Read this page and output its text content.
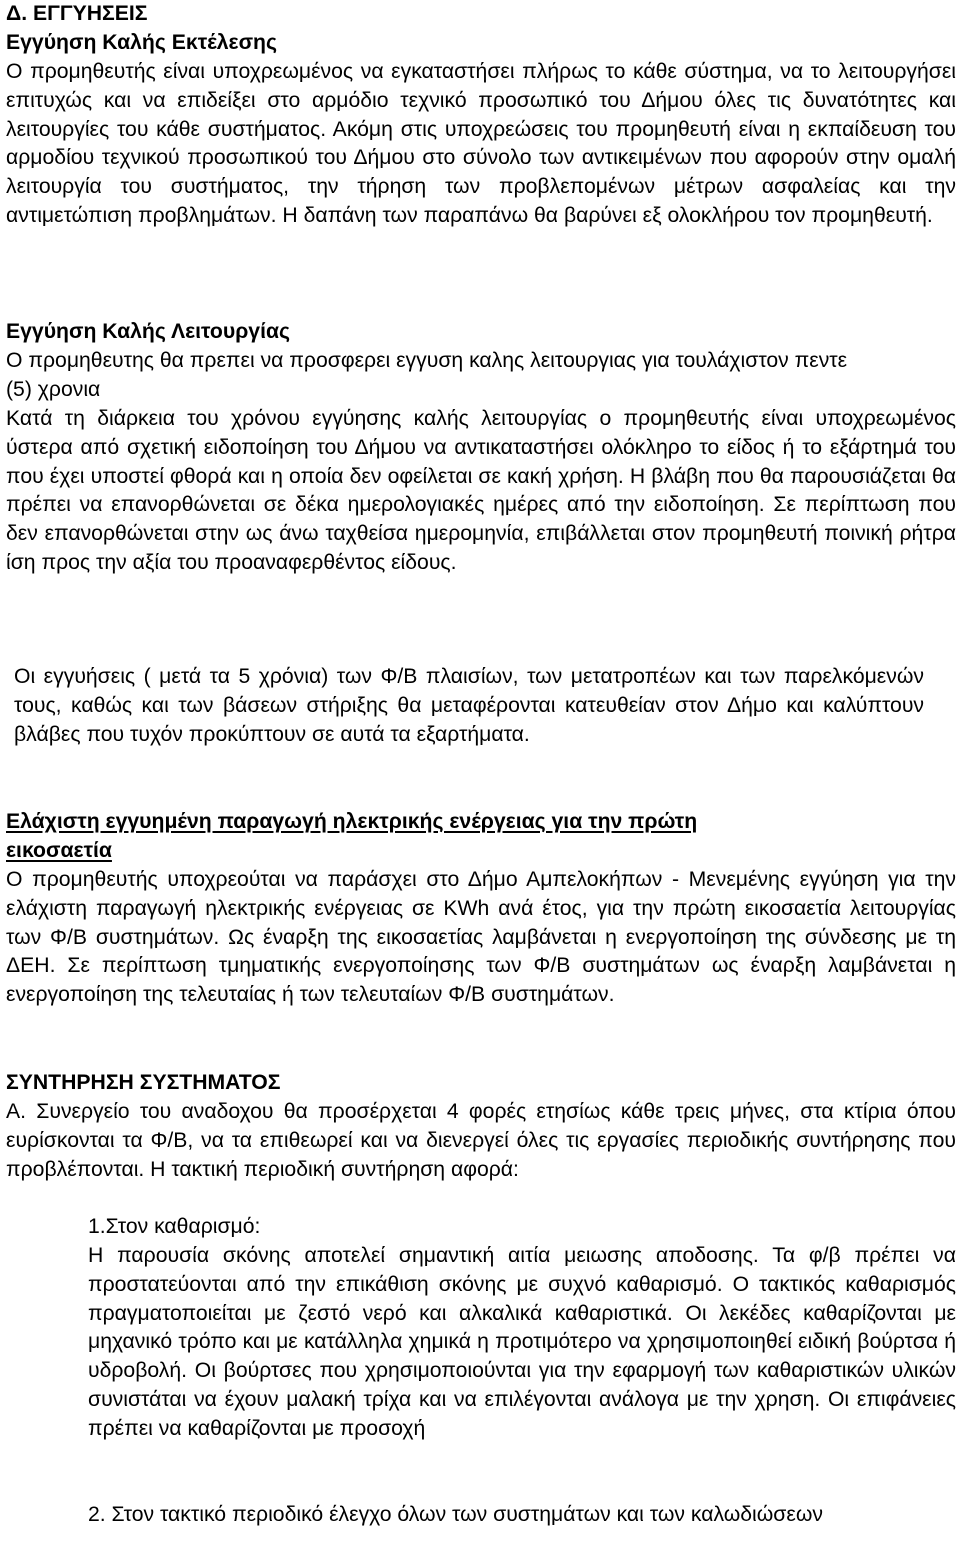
Δ. ΕΓΓΥΗΣΕΙΣ
Εγγύηση Καλής Εκτέλεσης

Ο προμηθευτής είναι υποχρεωμένος να εγκαταστήσει πλήρως το κάθε σύστημα, να το λειτουργήσει επιτυχώς και να επιδείξει στο αρμόδιο τεχνικό προσωπικό του Δήμου όλες τις δυνατότητες και λειτουργίες του κάθε συστήματος. Ακόμη στις υποχρεώσεις του προμηθευτή είναι η εκπαίδευση του αρμοδίου τεχνικού προσωπικού του Δήμου στο σύνολο των αντικειμένων που αφορούν στην ομαλή λειτουργία του συστήματος, την τήρηση των προβλεπομένων μέτρων ασφαλείας και την αντιμετώπιση προβλημάτων. Η δαπάνη των παραπάνω θα βαρύνει εξ ολοκλήρου τον προμηθευτή.

Εγγύηση Καλής Λειτουργίας

Ο προμηθευτης θα πρεπει να προσφερει εγγυση καλης λειτουργιας για τουλάχιστον πεντε (5) χρονια

Κατά τη διάρκεια του χρόνου εγγύησης καλής λειτουργίας ο προμηθευτής είναι υποχρεωμένος ύστερα από σχετική ειδοποίηση του Δήμου να αντικαταστήσει ολόκληρο το είδος ή το εξάρτημά του που έχει υποστεί φθορά και η οποία δεν οφείλεται σε κακή χρήση. Η βλάβη που θα παρουσιάζεται θα πρέπει να επανορθώνεται σε δέκα ημερολογιακές ημέρες από την ειδοποίηση. Σε περίπτωση που δεν επανορθώνεται στην ως άνω ταχθείσα ημερομηνία, επιβάλλεται στον προμηθευτή ποινική ρήτρα ίση προς την αξία του προαναφερθέντος είδους.

Οι εγγυήσεις ( μετά τα 5 χρόνια) των Φ/Β πλαισίων, των μετατροπέων και των παρελκόμενών τους, καθώς και των βάσεων στήριξης θα μεταφέρονται κατευθείαν στον Δήμο και καλύπτουν βλάβες που τυχόν προκύπτουν σε αυτά τα εξαρτήματα.

Ελάχιστη εγγυημένη παραγωγή ηλεκτρικής ενέργειας για την πρώτη
εικοσαετία

Ο προμηθευτής υποχρεούται να παράσχει στο Δήμο Αμπελοκήπων - Μενεμένης εγγύηση για την ελάχιστη παραγωγή ηλεκτρικής ενέργειας σε KWh ανά έτος, για την πρώτη εικοσαετία λειτουργίας των Φ/Β συστημάτων. Ως έναρξη της εικοσαετίας λαμβάνεται η ενεργοποίηση της σύνδεσης με τη ΔΕΗ. Σε περίπτωση τμηματικής ενεργοποίησης των Φ/Β συστημάτων ως έναρξη λαμβάνεται η ενεργοποίηση της τελευταίας ή των τελευταίων Φ/Β συστημάτων.

ΣΥΝΤΗΡΗΣΗ ΣΥΣΤΗΜΑΤΟΣ

Α. Συνεργείο του αναδοχου θα προσέρχεται 4 φορές ετησίως κάθε τρεις μήνες, στα κτίρια όπου ευρίσκονται τα Φ/Β, να τα επιθεωρεί και να διενεργεί όλες τις εργασίες περιοδικής συντήρησης που προβλέπονται. Η τακτική περιοδική συντήρηση αφορά:

1.Στον καθαρισμό:

Η παρουσία σκόνης αποτελεί σημαντική αιτία μειωσης αποδοσης. Τα φ/β πρέπει να προστατεύονται από την επικάθιση σκόνης με συχνό καθαρισμό. Ο τακτικός καθαρισμός πραγματοποιείται με ζεστό νερό και αλκαλικά καθαριστικά. Οι λεκέδες καθαρίζονται με μηχανικό τρόπο και με κατάλληλα χημικά η προτιμότερο να χρησιμοποιηθεί ειδική βούρτσα ή υδροβολή. Οι βούρτσες που χρησιμοποιούνται για την εφαρμογή των καθαριστικών υλικών συνιστάται να έχουν μαλακή τρίχα και να επιλέγονται ανάλογα με την χρηση. Οι επιφάνειες πρέπει να καθαρίζονται με προσοχή

2. Στον τακτικό περιοδικό έλεγχο όλων των συστημάτων και των καλωδιώσεων
